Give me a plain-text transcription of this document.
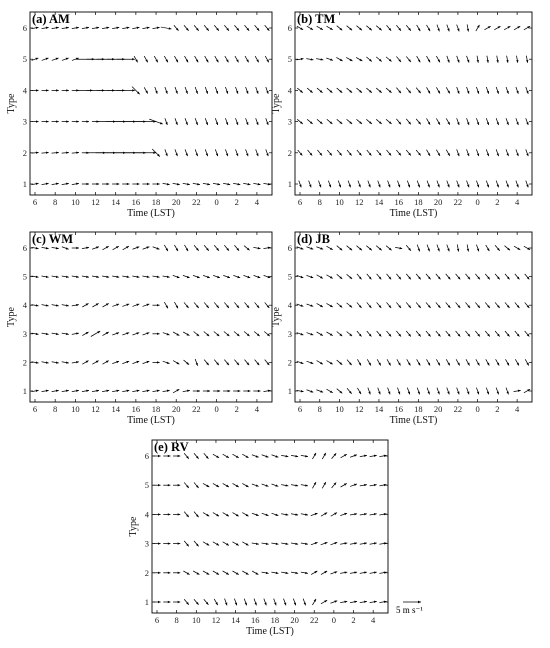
(a) AM
1
2
3
4
5
6
6 8 10 12 14 16 18 20 22 0 2 4
Time (LST)
Type
(b) TM
1
2
3
4
5
6
6 8 10 12 14 16 18 20 22 0 2 4
Time (LST)
Type
(c) WM
1
2
3
4
5
6
6 8 10 12 14 16 18 20 22 0 2 4
Time (LST)
Type
(d) JB
1
2
3
4
5
6
6 8 10 12 14 16 18 20 22 0 2 4
Time (LST)
Type
(e) RV
1
2
3
4
5
6
6 8 10 12 14 16 18 20 22 0 2 4
Time (LST)
Type
5 m s⁻¹
